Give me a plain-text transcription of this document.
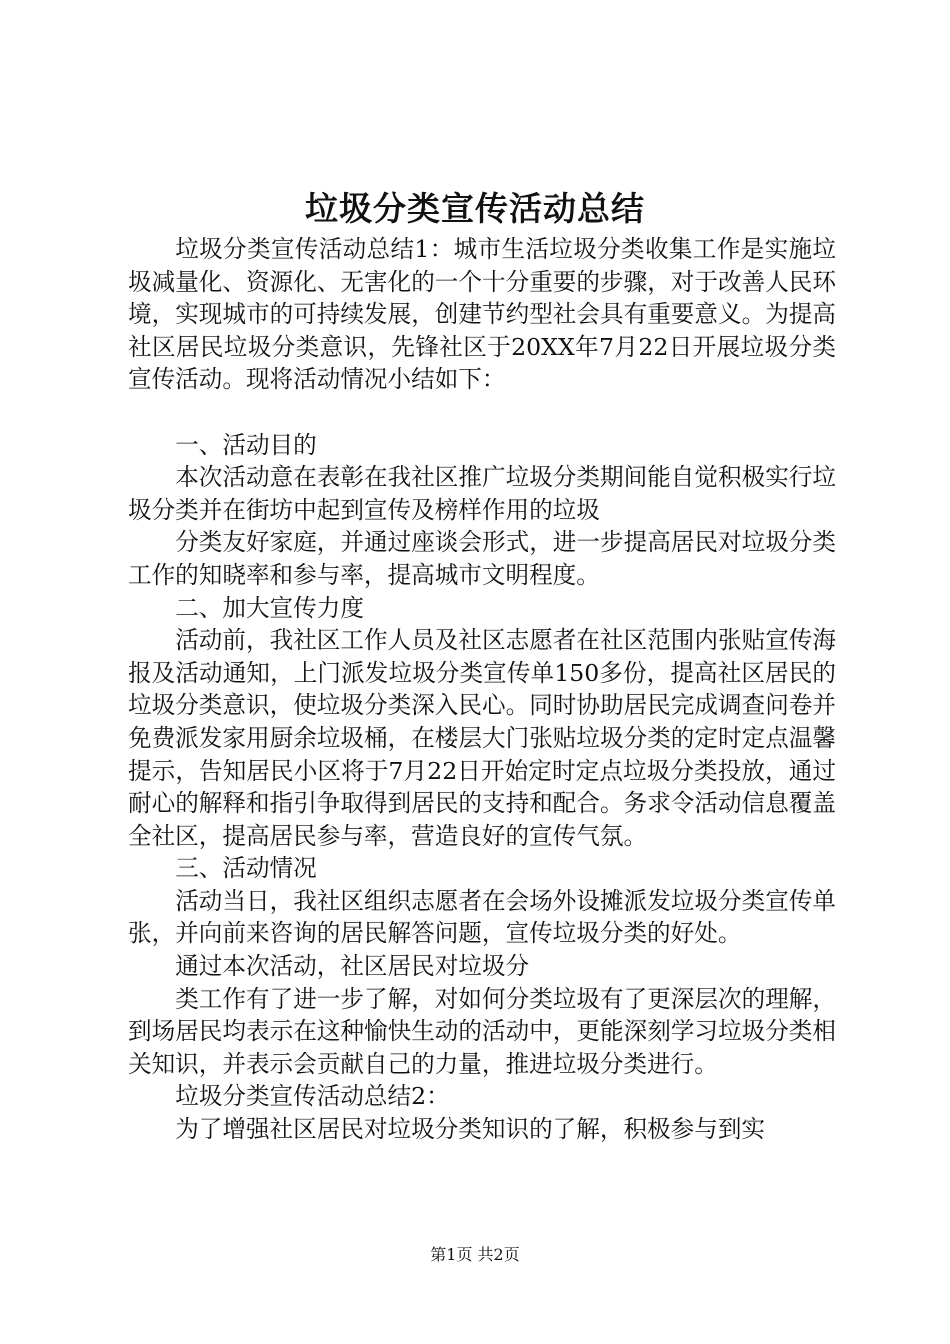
垃圾分类宣传活动总结

垃圾分类宣传活动总结1：城市生活垃圾分类收集工作是实施垃圾减量化、资源化、无害化的一个十分重要的步骤，对于改善人民环境，实现城市的可持续发展，创建节约型社会具有重要意义。为提高社区居民垃圾分类意识，先锋社区于20XX年7月22日开展垃圾分类宣传活动。现将活动情况小结如下：

一、活动目的

本次活动意在表彰在我社区推广垃圾分类期间能自觉积极实行垃圾分类并在街坊中起到宣传及榜样作用的垃圾

分类友好家庭，并通过座谈会形式，进一步提高居民对垃圾分类工作的知晓率和参与率，提高城市文明程度。

二、加大宣传力度

活动前，我社区工作人员及社区志愿者在社区范围内张贴宣传海报及活动通知，上门派发垃圾分类宣传单150多份，提高社区居民的垃圾分类意识，使垃圾分类深入民心。同时协助居民完成调查问卷并免费派发家用厨余垃圾桶，在楼层大门张贴垃圾分类的定时定点温馨提示，告知居民小区将于7月22日开始定时定点垃圾分类投放，通过耐心的解释和指引争取得到居民的支持和配合。务求令活动信息覆盖全社区，提高居民参与率，营造良好的宣传气氛。

三、活动情况

活动当日，我社区组织志愿者在会场外设摊派发垃圾分类宣传单张，并向前来咨询的居民解答问题，宣传垃圾分类的好处。

通过本次活动，社区居民对垃圾分

类工作有了进一步了解，对如何分类垃圾有了更深层次的理解，到场居民均表示在这种愉快生动的活动中，更能深刻学习垃圾分类相关知识，并表示会贡献自己的力量，推进垃圾分类进行。

垃圾分类宣传活动总结2：

为了增强社区居民对垃圾分类知识的了解，积极参与到实

第1页 共2页
